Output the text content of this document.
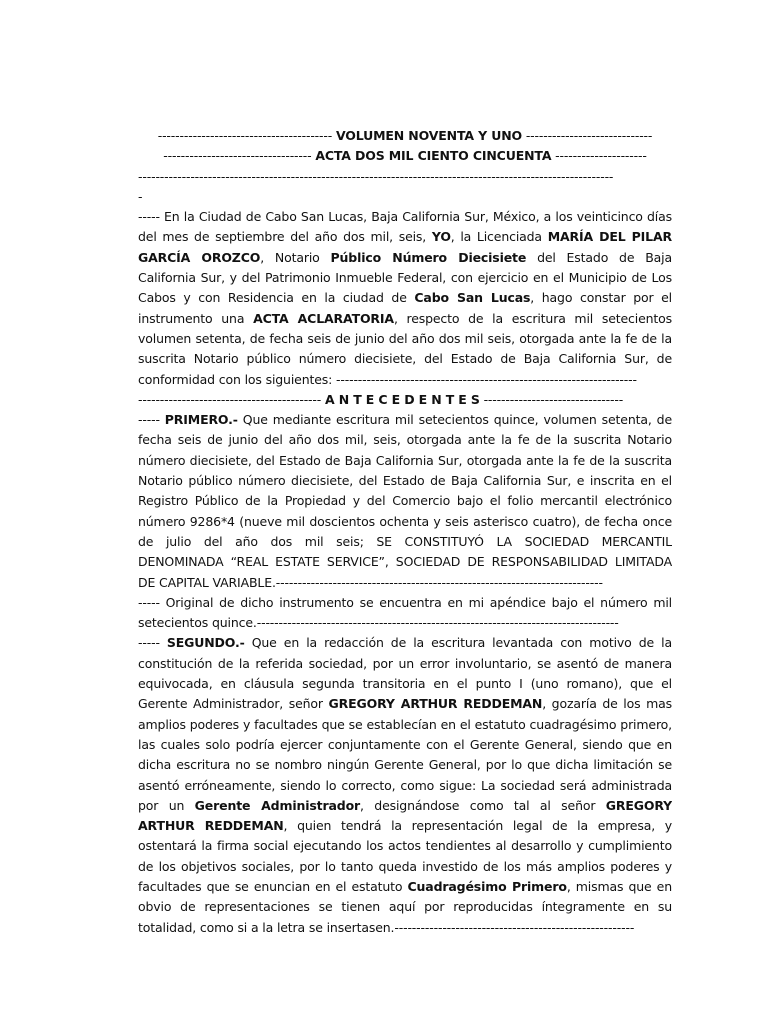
---------------------------------------- VOLUMEN NOVENTA Y UNO -----------------------------
---------------------------------- ACTA DOS MIL CIENTO CINCUENTA ---------------------
-------------------------------------------------------------------------------------------------------------
-
----- En la Ciudad de Cabo San Lucas, Baja California Sur, México, a los veinticinco días
del mes de septiembre del año dos mil, seis, YO, la Licenciada MARÍA DEL PILAR
GARCÍA OROZCO, Notario Público Número Diecisiete del Estado de Baja
California Sur, y del Patrimonio Inmueble Federal, con ejercicio en el Municipio de Los
Cabos y con Residencia en la ciudad de Cabo San Lucas, hago constar por el
instrumento una ACTA ACLARATORIA, respecto de la escritura mil setecientos
volumen setenta, de fecha seis de junio del año dos mil seis, otorgada ante la fe de la
suscrita Notario público número diecisiete, del Estado de Baja California Sur, de
conformidad con los siguientes: ---------------------------------------------------------------------
------------------------------------------ A N T E C E D E N T E S --------------------------------
----- PRIMERO.- Que mediante escritura mil setecientos quince, volumen setenta, de
fecha seis de junio del año dos mil, seis, otorgada ante la fe de la suscrita Notario
número diecisiete, del Estado de Baja California Sur, otorgada ante la fe de la suscrita
Notario público número diecisiete, del Estado de Baja California Sur, e inscrita en el
Registro Público de la Propiedad y del Comercio bajo el folio mercantil electrónico
número 9286*4 (nueve mil doscientos ochenta y seis asterisco cuatro), de fecha once
de julio del año dos mil seis; SE CONSTITUYÓ LA SOCIEDAD MERCANTIL
DENOMINADA “REAL ESTATE SERVICE”, SOCIEDAD DE RESPONSABILIDAD LIMITADA
DE CAPITAL VARIABLE.---------------------------------------------------------------------------
----- Original de dicho instrumento se encuentra en mi apéndice bajo el número mil
setecientos quince.-----------------------------------------------------------------------------------
----- SEGUNDO.- Que en la redacción de la escritura levantada con motivo de la
constitución de la referida sociedad, por un error involuntario, se asentó de manera
equivocada, en cláusula segunda transitoria en el punto I (uno romano), que el
Gerente Administrador, señor GREGORY ARTHUR REDDEMAN, gozaría de los mas
amplios poderes y facultades que se establecían en el estatuto cuadragésimo primero,
las cuales solo podría ejercer conjuntamente con el Gerente General, siendo que en
dicha escritura no se nombro ningún Gerente General, por lo que dicha limitación se
asentó erróneamente, siendo lo correcto, como sigue: La sociedad será administrada
por un Gerente Administrador, designándose como tal al señor GREGORY
ARTHUR REDDEMAN, quien tendrá la representación legal de la empresa, y
ostentará la firma social ejecutando los actos tendientes al desarrollo y cumplimiento
de los objetivos sociales, por lo tanto queda investido de los más amplios poderes y
facultades que se enuncian en el estatuto Cuadragésimo Primero, mismas que en
obvio de representaciones se tienen aquí por reproducidas íntegramente en su
totalidad, como si a la letra se insertasen.-------------------------------------------------------
